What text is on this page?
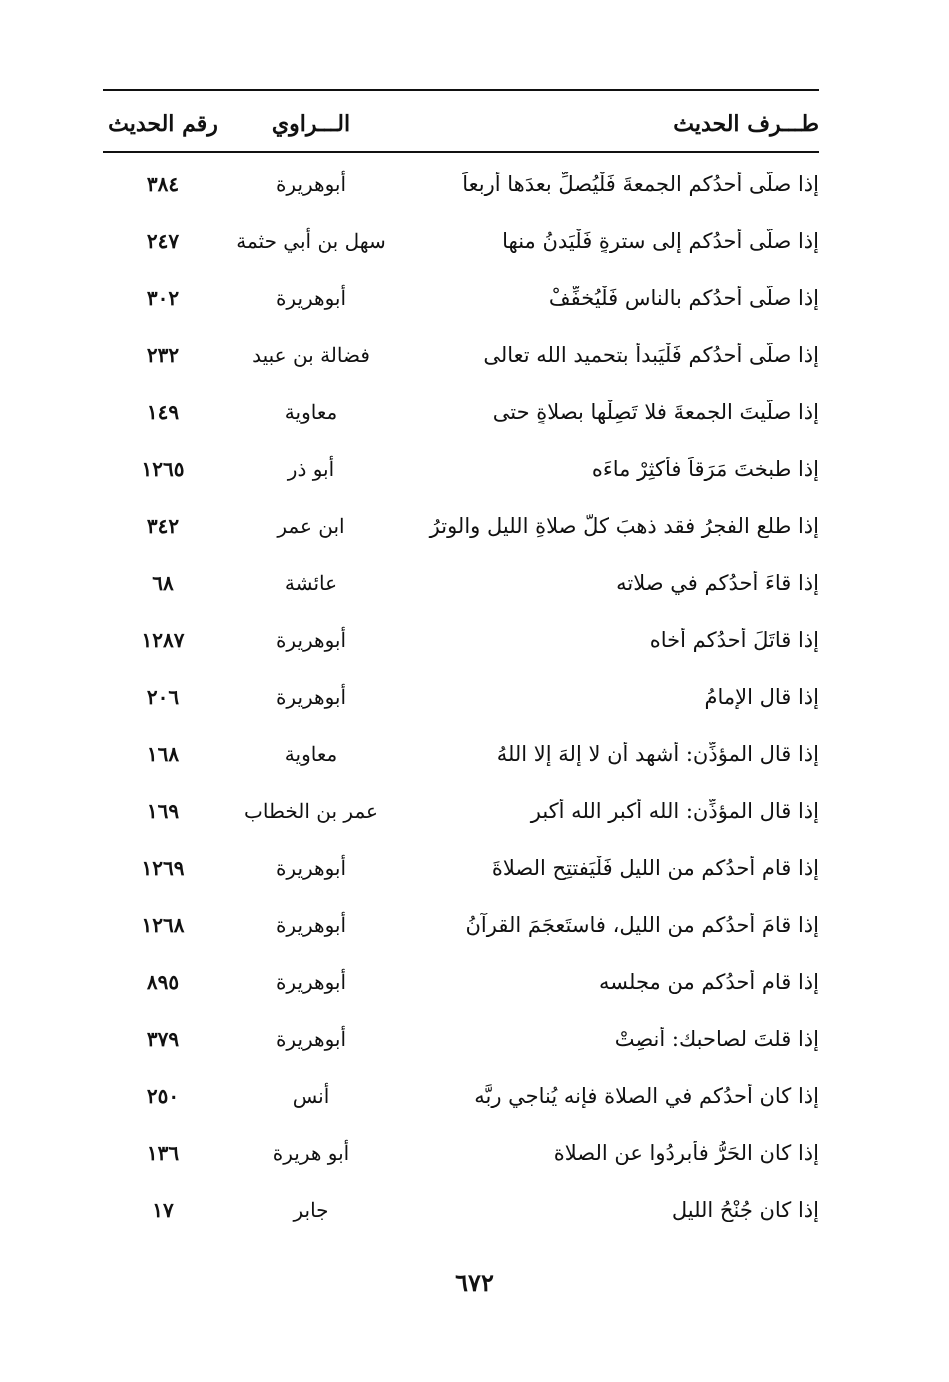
طـــرف الحديث
الـــراوي
رقم الحديث
إذا صلَّى أحدُكم الجمعةَ فَلْيُصلِّ بعدَها أربعاً
أبوهريرة
٣٨٤
إذا صلَّى أحدُكم إلى سترةٍ فَلْيَدنُ منها
سهل بن أبي حثمة
٢٤٧
إذا صلَّى أحدُكم بالناس فَلْيُخفِّفْ
أبوهريرة
٣٠٢
إذا صلَّى أحدُكم فَلْيَبدأْ بتحميد الله تعالى
فضالة بن عبيد
٢٣٢
إذا صلَّيتَ الجمعةَ فلا تَصِلْها بصلاةٍ حتى
معاوية
١٤٩
إذا طبختَ مَرَقاً فأكثِرْ ماءَه
أبو ذر
١٢٦٥
إذا طلع الفجرُ فقد ذهبَ كلُّ صلاةِ الليلِ والوترُ
ابن عمر
٣٤٢
إذا قاءَ أحدُكم في صلاته
عائشة
٦٨
إذا قاتَلَ أحدُكم أخاه
أبوهريرة
١٢٨٧
إذا قال الإمامُ
أبوهريرة
٢٠٦
إذا قال المؤذِّن: أشهد أن لا إلهَ إلا اللهُ
معاوية
١٦٨
إذا قال المؤذِّن: الله أكبر الله أكبر
عمر بن الخطاب
١٦٩
إذا قام أحدُكم من الليل فَلْيَفتتِحِ الصلاةَ
أبوهريرة
١٢٦٩
إذا قامَ أحدُكم من الليل، فاستَعجَمَ القرآنُ
أبوهريرة
١٢٦٨
إذا قام أحدُكم من مجلسه
أبوهريرة
٨٩٥
إذا قلتَ لصاحبك: أنصِتْ
أبوهريرة
٣٧٩
إذا كان أحدُكم في الصلاة فإنه يُناجي ربَّه
أنس
٢٥٠
إذا كان الحَرُّ فأَبرِدُوا عن الصلاة
أبو هريرة
١٣٦
إذا كان جُنْحُ الليلِ
جابر
١٧
٦٧٢
